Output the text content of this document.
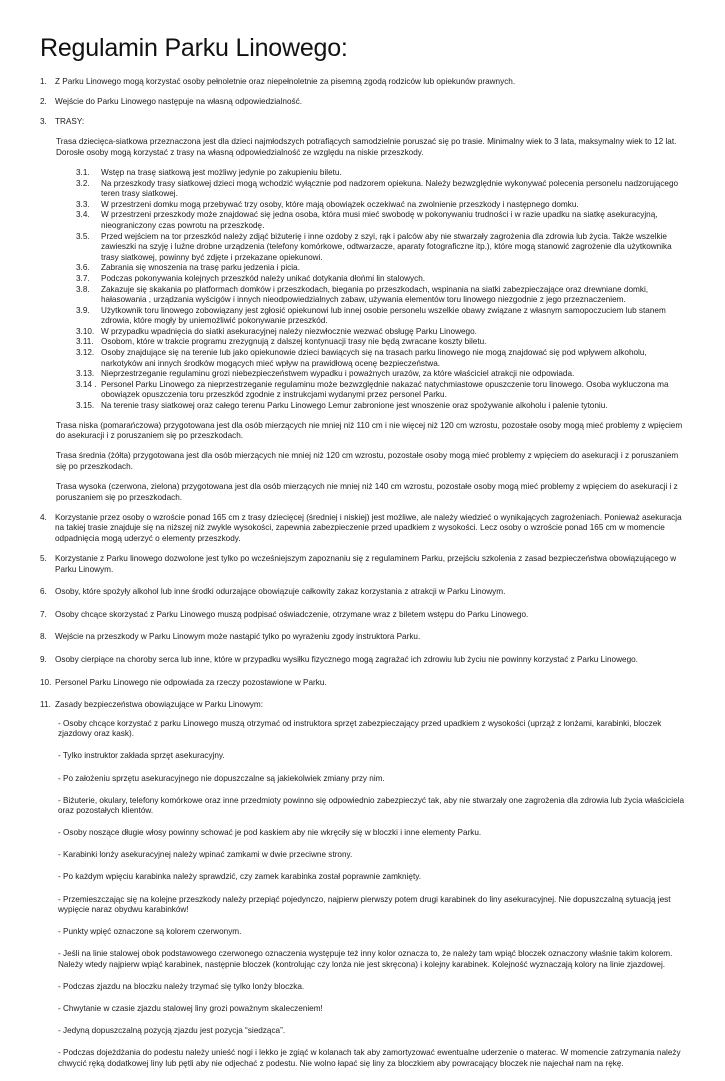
Regulamin Parku Linowego:
1. Z Parku Linowego mogą korzystać osoby pełnoletnie oraz niepełnoletnie za pisemną zgodą rodziców lub opiekunów prawnych.
2. Wejście do Parku Linowego następuje na własną odpowiedzialność.
3. TRASY:
Trasa dziecięca-siatkowa przeznaczona jest dla dzieci najmłodszych potrafiących samodzielnie poruszać się po trasie. Minimalny wiek to 3 lata, maksymalny wiek to 12 lat. Dorosłe osoby mogą korzystać z trasy na własną odpowiedzialność ze względu na niskie przeszkody.
3.1. Wstęp na trasę siatkową jest możliwy jedynie po zakupieniu biletu.
3.2. Na przeszkody trasy siatkowej dzieci mogą wchodzić wyłącznie pod nadzorem opiekuna. Należy bezwzględnie wykonywać polecenia personelu nadzorującego teren trasy siatkowej.
3.3. W przestrzeni domku mogą przebywać trzy osoby, które mają obowiązek oczekiwać na zwolnienie przeszkody i następnego domku.
3.4. W przestrzeni przeszkody może znajdować się jedna osoba, która musi mieć swobodę w pokonywaniu trudności i w razie upadku na siatkę asekuracyjną, nieograniczony czas powrotu na przeszkodę.
3.5. Przed wejściem na tor przeszkód należy zdjąć biżuterię i inne ozdoby z szyi, rąk i palców aby nie stwarzały zagrożenia dla zdrowia lub życia. Także wszelkie zawieszki na szyję i luźne drobne urządzenia (telefony komórkowe, odtwarzacze, aparaty fotograficzne itp.), które mogą stanowić zagrożenie dla użytkownika trasy siatkowej, powinny być zdjęte i przekazane opiekunowi.
3.6. Zabrania się wnoszenia na trasę parku jedzenia i picia.
3.7. Podczas pokonywania kolejnych przeszkód należy unikać dotykania dłońmi lin stalowych.
3.8. Zakazuje się skakania po platformach domków i przeszkodach, biegania po przeszkodach, wspinania na siatki zabezpieczające oraz drewniane domki, hałasowania , urządzania wyścigów i innych nieodpowiedzialnych zabaw, używania elementów toru linowego niezgodnie z jego przeznaczeniem.
3.9. Użytkownik toru linowego zobowiązany jest zgłosić opiekunowi lub innej osobie personelu wszelkie obawy związane z własnym samopoczuciem lub stanem zdrowia, które mogły by uniemożliwić pokonywanie przeszkód.
3.10. W przypadku wpadnięcia do siatki asekuracyjnej należy niezwłocznie wezwać obsługę Parku Linowego.
3.11. Osobom, które w trakcie programu zrezygnują z dalszej kontynuacji trasy nie będą zwracane koszty biletu.
3.12. Osoby znajdujące się na terenie lub jako opiekunowie dzieci bawiących się na trasach parku linowego nie mogą znajdować się pod wpływem alkoholu, narkotyków ani innych środków mogących mieć wpływ na prawidłową ocenę bezpieczeństwa.
3.13. Nieprzestrzeganie regulaminu grozi niebezpieczeństwem wypadku i poważnych urazów, za które właściciel atrakcji nie odpowiada.
3.14 . Personel Parku Linowego za nieprzestrzeganie regulaminu może bezwzględnie nakazać natychmiastowe opuszczenie toru linowego. Osoba wykluczona ma obowiązek opuszczenia toru przeszkód zgodnie z instrukcjami wydanymi przez personel Parku.
3.15. Na terenie trasy siatkowej oraz całego terenu Parku Linowego Lemur zabronione jest wnoszenie oraz spożywanie alkoholu i palenie tytoniu.
Trasa niska (pomarańczowa) przygotowana jest dla osób mierzących nie mniej niż 110 cm i nie więcej niż 120 cm wzrostu, pozostałe osoby mogą mieć problemy z wpięciem do asekuracji i z poruszaniem się po przeszkodach.
Trasa średnia (żółta) przygotowana jest dla osób mierzących nie mniej niż 120 cm wzrostu, pozostałe osoby mogą mieć problemy z wpięciem do asekuracji i z poruszaniem się po przeszkodach.
Trasa wysoka (czerwona, zielona) przygotowana jest dla osób mierzących nie mniej niż 140 cm wzrostu, pozostałe osoby mogą mieć problemy z wpięciem do asekuracji i z poruszaniem się po przeszkodach.
4. Korzystanie przez osoby o wzroście ponad 165 cm z trasy dziecięcej (średniej i niskiej) jest możliwe, ale należy wiedzieć o wynikających zagrożeniach. Ponieważ asekuracja na takiej trasie znajduje się na niższej niż zwykle wysokości, zapewnia zabezpieczenie przed upadkiem z wysokości. Lecz osoby o wzroście ponad 165 cm w momencie odpadnięcia mogą uderzyć o elementy przeszkody.
5. Korzystanie z Parku linowego dozwolone jest tylko po wcześniejszym zapoznaniu się z regulaminem Parku, przejściu szkolenia z zasad bezpieczeństwa obowiązującego w Parku Linowym.
6. Osoby, które spożyły alkohol lub inne środki odurzające obowiązuje całkowity zakaz korzystania z atrakcji w Parku Linowym.
7. Osoby chcące skorzystać z Parku Linowego muszą podpisać oświadczenie, otrzymane wraz z biletem wstępu do Parku Linowego.
8. Wejście na przeszkody w Parku Linowym może nastąpić tylko po wyrażeniu zgody instruktora Parku.
9. Osoby cierpiące na choroby serca lub inne, które w przypadku wysiłku fizycznego mogą zagrażać ich zdrowiu lub życiu nie powinny korzystać z Parku Linowego.
10. Personel Parku Linowego nie odpowiada za rzeczy pozostawione w Parku.
11. Zasady bezpieczeństwa obowiązujące w Parku Linowym:
- Osoby chcące korzystać z parku Linowego muszą otrzymać od instruktora sprzęt zabezpieczający przed upadkiem z wysokości (uprząż z lonżami, karabinki, bloczek zjazdowy oraz kask).
- Tylko instruktor zakłada sprzęt asekuracyjny.
- Po założeniu sprzętu asekuracyjnego nie dopuszczalne są jakiekolwiek zmiany przy nim.
- Biżuterie, okulary, telefony komórkowe oraz inne przedmioty powinno się odpowiednio zabezpieczyć tak, aby nie stwarzały one zagrożenia dla zdrowia lub życia właściciela oraz pozostałych klientów.
- Osoby noszące długie włosy powinny schować je pod kaskiem aby nie wkręciły się w bloczki i inne elementy Parku.
- Karabinki lonży asekuracyjnej należy wpinać zamkami w dwie przeciwne strony.
- Po każdym wpięciu karabinka należy sprawdzić, czy zamek karabinka został poprawnie zamknięty.
- Przemieszczając się na kolejne przeszkody należy przepiąć pojedynczo, najpierw pierwszy potem drugi karabinek do liny asekuracyjnej. Nie dopuszczalną sytuacją jest wypięcie naraz obydwu karabinków!
- Punkty wpięć oznaczone są kolorem czerwonym.
- Jeśli na linie stalowej obok podstawowego czerwonego oznaczenia występuje też inny kolor oznacza to, że należy tam wpiąć bloczek oznaczony właśnie takim kolorem. Należy wtedy najpierw wpiąć karabinek, następnie bloczek (kontrolując czy lonża nie jest skręcona) i kolejny karabinek. Kolejność wyznaczają kolory na linie zjazdowej.
- Podczas zjazdu na bloczku należy trzymać się tylko lonży bloczka.
- Chwytanie w czasie zjazdu stalowej liny grozi poważnym skaleczeniem!
- Jedyną dopuszczalną pozycją zjazdu jest pozycja “siedząca”.
- Podczas dojeżdżania do podestu należy unieść nogi i lekko je zgiąć w kolanach tak aby zamortyzować ewentualne uderzenie o materac. W momencie zatrzymania należy chwycić ręką dodatkowej liny lub pętli aby nie odjechać z podestu. Nie wolno łapać się liny za bloczkiem aby powracający bloczek nie najechał nam na rękę.
